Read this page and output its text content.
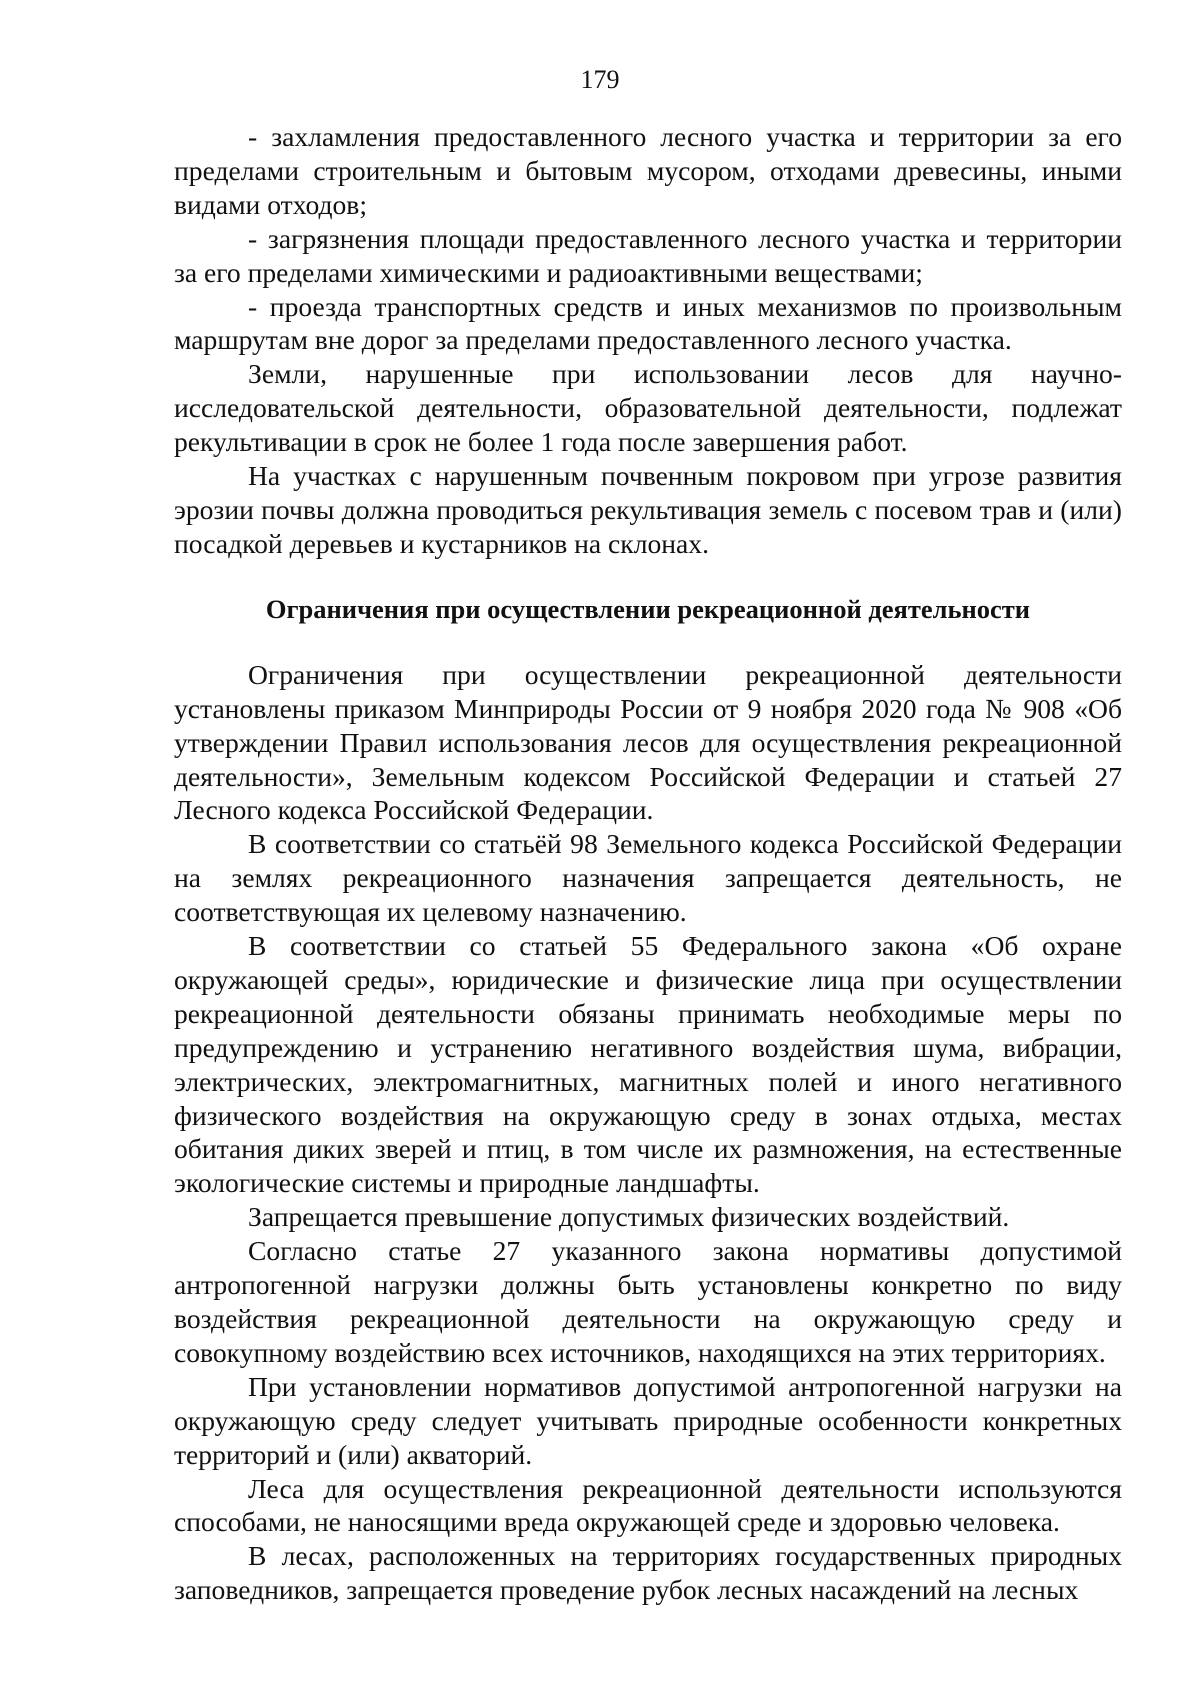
179

- захламления предоставленного лесного участка и территории за его пределами строительным и бытовым мусором, отходами древесины, иными видами отходов;

- загрязнения площади предоставленного лесного участка и территории за его пределами химическими и радиоактивными веществами;

- проезда транспортных средств и иных механизмов по произвольным маршрутам вне дорог за пределами предоставленного лесного участка.

Земли, нарушенные при использовании лесов для научно-исследовательской деятельности, образовательной деятельности, подлежат рекультивации в срок не более 1 года после завершения работ.

На участках с нарушенным почвенным покровом при угрозе развития эрозии почвы должна проводиться рекультивация земель с посевом трав и (или) посадкой деревьев и кустарников на склонах.

Ограничения при осуществлении рекреационной деятельности

Ограничения при осуществлении рекреационной деятельности установлены приказом Минприроды России от 9 ноября 2020 года № 908 «Об утверждении Правил использования лесов для осуществления рекреационной деятельности», Земельным кодексом Российской Федерации и статьей 27 Лесного кодекса Российской Федерации.

В соответствии со статьёй 98 Земельного кодекса Российской Федерации на землях рекреационного назначения запрещается деятельность, не соответствующая их целевому назначению.

В соответствии со статьей 55 Федерального закона «Об охране окружающей среды», юридические и физические лица при осуществлении рекреационной деятельности обязаны принимать необходимые меры по предупреждению и устранению негативного воздействия шума, вибрации, электрических, электромагнитных, магнитных полей и иного негативного физического воздействия на окружающую среду в зонах отдыха, местах обитания диких зверей и птиц, в том числе их размножения, на естественные экологические системы и природные ландшафты.

Запрещается превышение допустимых физических воздействий.

Согласно статье 27 указанного закона нормативы допустимой антропогенной нагрузки должны быть установлены конкретно по виду воздействия рекреационной деятельности на окружающую среду и совокупному воздействию всех источников, находящихся на этих территориях.

При установлении нормативов допустимой антропогенной нагрузки на окружающую среду следует учитывать природные особенности конкретных территорий и (или) акваторий.

Леса для осуществления рекреационной деятельности используются способами, не наносящими вреда окружающей среде и здоровью человека.

В лесах, расположенных на территориях государственных природных заповедников, запрещается проведение рубок лесных насаждений на лесных
